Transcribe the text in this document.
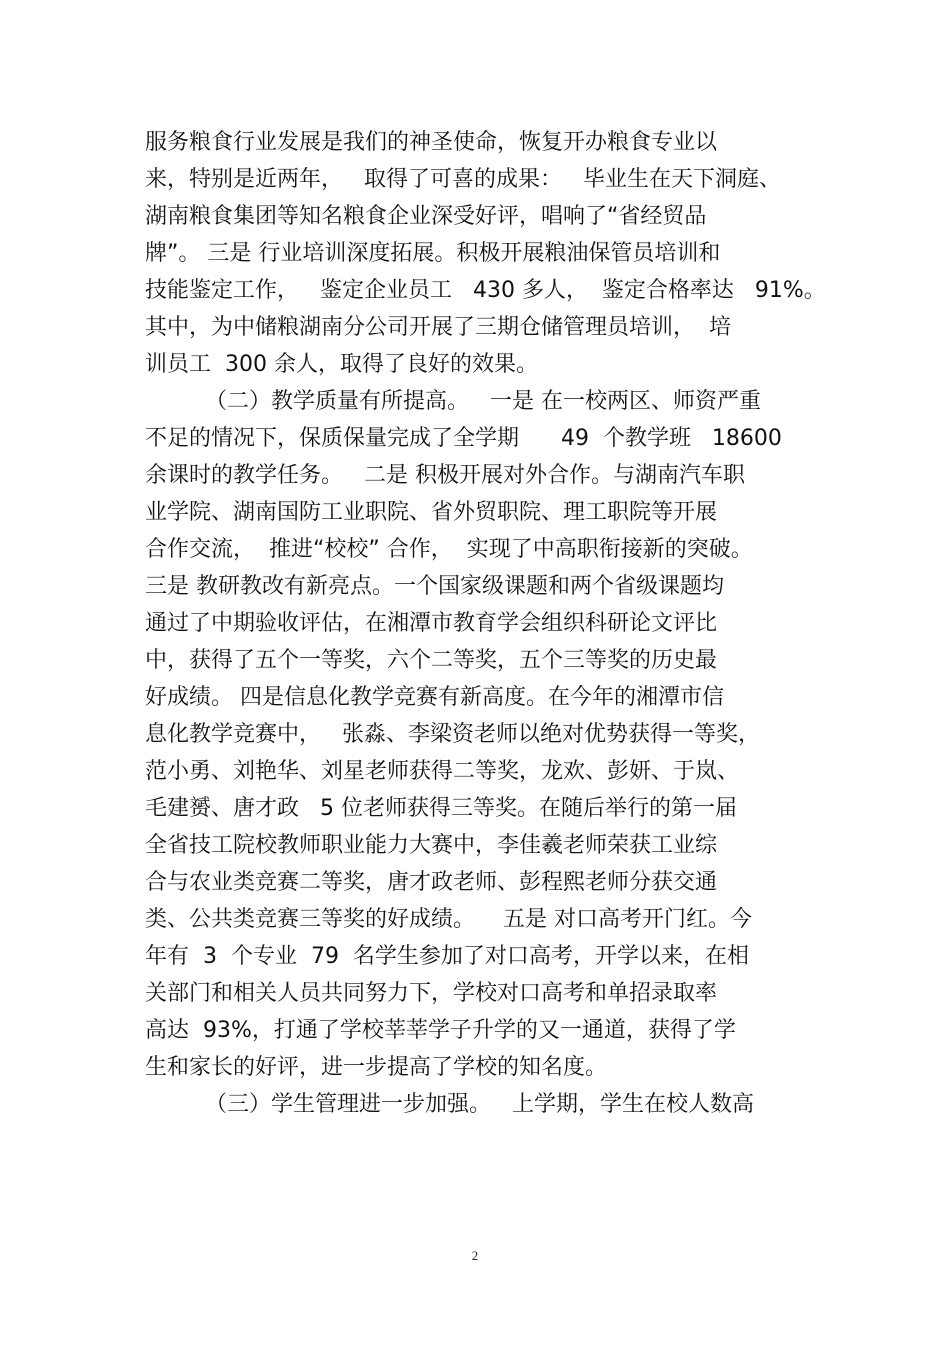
服务粮食行业发展是我们的神圣使命，恢复开办粮食专业以
来，特别是近两年，   取得了可喜的成果：   毕业生在天下洞庭、
湖南粮食集团等知名粮食企业深受好评，唱响了“省经贸品
牌”。 三是 行业培训深度拓展。积极开展粮油保管员培训和
技能鉴定工作，   鉴定企业员工   430 多人，  鉴定合格率达   91%。
其中，为中储粮湖南分公司开展了三期仓储管理员培训，  培
训员工  300 余人，取得了良好的效果。
（二）教学质量有所提高。   一是 在一校两区、师资严重
不足的情况下，保质保量完成了全学期      49  个教学班   18600
余课时的教学任务。   二是 积极开展对外合作。与湖南汽车职
业学院、湖南国防工业职院、省外贸职院、理工职院等开展
合作交流，  推进“校校” 合作，  实现了中高职衔接新的突破。
三是 教研教改有新亮点。一个国家级课题和两个省级课题均
通过了中期验收评估，在湘潭市教育学会组织科研论文评比
中，获得了五个一等奖，六个二等奖，五个三等奖的历史最
好成绩。 四是信息化教学竞赛有新高度。在今年的湘潭市信
息化教学竞赛中，   张淼、李梁资老师以绝对优势获得一等奖，
范小勇、刘艳华、刘星老师获得二等奖，龙欢、彭妍、于岚、
毛建赟、唐才政   5 位老师获得三等奖。在随后举行的第一届
全省技工院校教师职业能力大赛中，李佳羲老师荣获工业综
合与农业类竞赛二等奖，唐才政老师、彭程熙老师分获交通
类、公共类竞赛三等奖的好成绩。    五是 对口高考开门红。今
年有  3  个专业  79  名学生参加了对口高考，开学以来，在相
关部门和相关人员共同努力下，学校对口高考和单招录取率
高达  93%，打通了学校莘莘学子升学的又一通道，获得了学
生和家长的好评，进一步提高了学校的知名度。
（三）学生管理进一步加强。   上学期，学生在校人数高
2
